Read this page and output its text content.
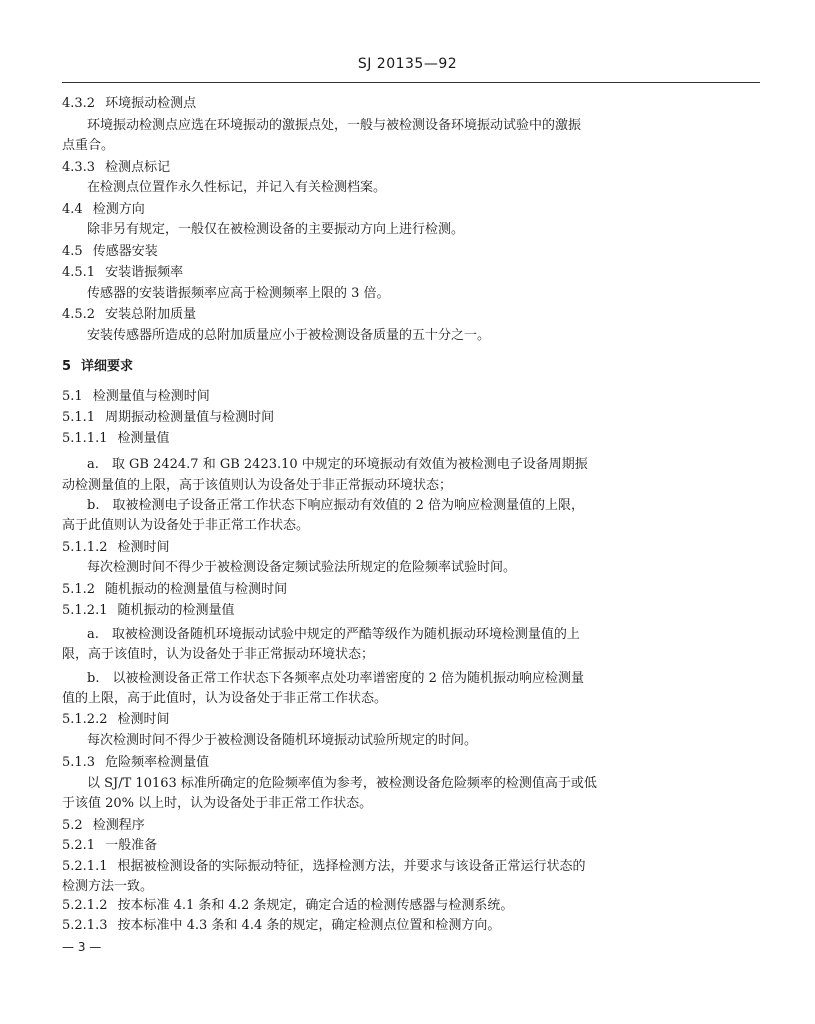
SJ 20135—92
4.3.2 环境振动检测点
环境振动检测点应选在环境振动的激振点处，一般与被检测设备环境振动试验中的激振
点重合。
4.3.3 检测点标记
在检测点位置作永久性标记，并记入有关检测档案。
4.4 检测方向
除非另有规定，一般仅在被检测设备的主要振动方向上进行检测。
4.5 传感器安装
4.5.1 安装谐振频率
传感器的安装谐振频率应高于检测频率上限的 3 倍。
4.5.2 安装总附加质量
安装传感器所造成的总附加质量应小于被检测设备质量的五十分之一。
5 详细要求
5.1 检测量值与检测时间
5.1.1 周期振动检测量值与检测时间
5.1.1.1 检测量值
a.　取 GB 2424.7 和 GB 2423.10 中规定的环境振动有效值为被检测电子设备周期振
动检测量值的上限，高于该值则认为设备处于非正常振动环境状态；
b.　取被检测电子设备正常工作状态下响应振动有效值的 2 倍为响应检测量值的上限，
高于此值则认为设备处于非正常工作状态。
5.1.1.2 检测时间
每次检测时间不得少于被检测设备定频试验法所规定的危险频率试验时间。
5.1.2 随机振动的检测量值与检测时间
5.1.2.1 随机振动的检测量值
a.　取被检测设备随机环境振动试验中规定的严酷等级作为随机振动环境检测量值的上
限，高于该值时，认为设备处于非正常振动环境状态；
b.　以被检测设备正常工作状态下各频率点处功率谱密度的 2 倍为随机振动响应检测量
值的上限，高于此值时，认为设备处于非正常工作状态。
5.1.2.2 检测时间
每次检测时间不得少于被检测设备随机环境振动试验所规定的时间。
5.1.3 危险频率检测量值
以 SJ/T 10163 标准所确定的危险频率值为参考，被检测设备危险频率的检测值高于或低
于该值 20% 以上时，认为设备处于非正常工作状态。
5.2 检测程序
5.2.1 一般准备
5.2.1.1 根据被检测设备的实际振动特征，选择检测方法，并要求与该设备正常运行状态的
检测方法一致。
5.2.1.2 按本标准 4.1 条和 4.2 条规定，确定合适的检测传感器与检测系统。
5.2.1.3 按本标准中 4.3 条和 4.4 条的规定，确定检测点位置和检测方向。
— 3 —
